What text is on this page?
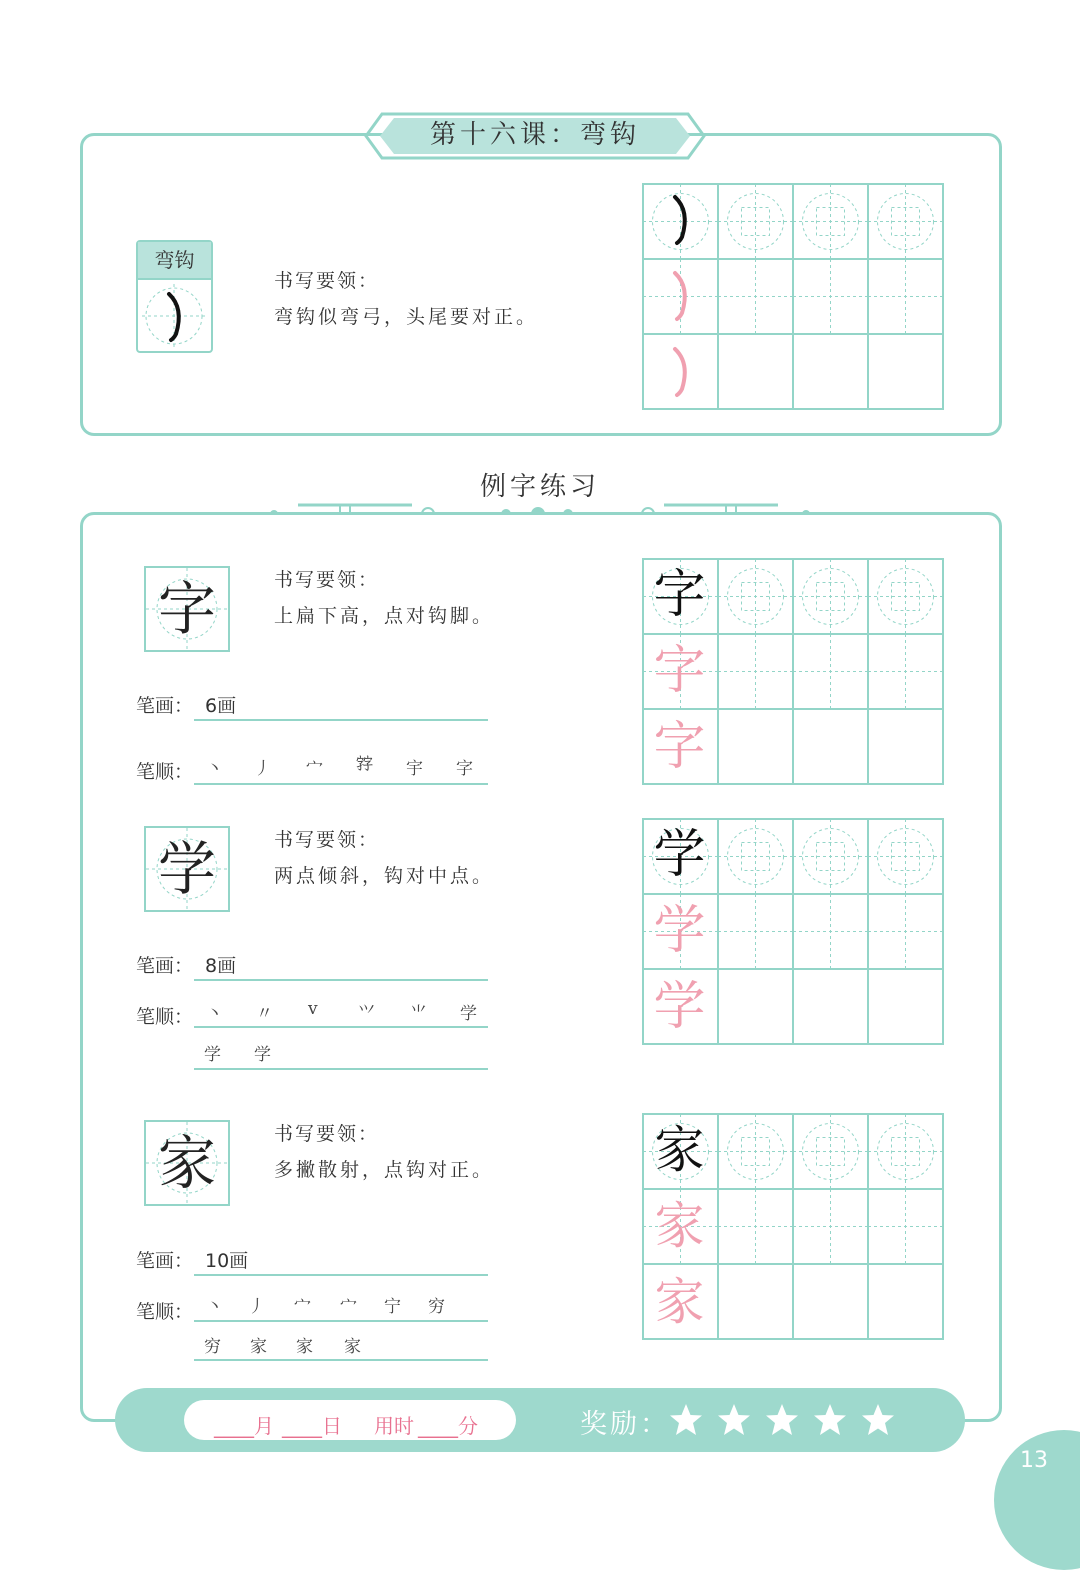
第十六课：弯钩
弯钩
书写要领：
弯钩似弯弓，头尾要对正。
例字练习
字	书写要领：
上扁下高，点对钩脚。
笔画： 6画
笔顺： 丶 丿 宀 𡦂 宇 字
字
字
字
学	书写要领：
两点倾斜，钩对中点。
笔画： 8画
笔顺： 丶 〃 ⅴ ⺍ ⺌ 学
学 学
学
学
学
家	书写要领：
多撇散射，点钩对正。
笔画： 10画
笔顺： 丶 丿 宀 宀 宁 穷
穷 家 家 家
家
家
家
____月 ____日 用时 ____分	奖励：
13
